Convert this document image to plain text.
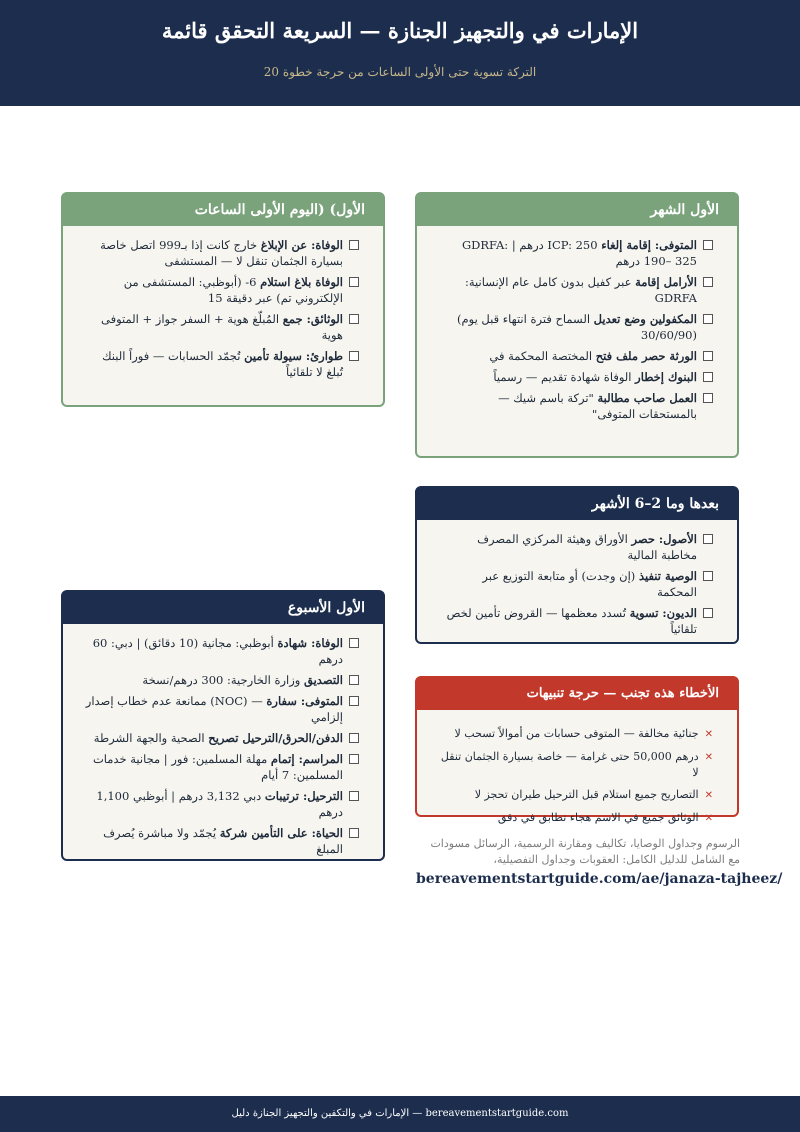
الإمارات في والتجهيز الجنازة — السريعة التحقق قائمة
التركة تسوية حتى الأولى الساعات من حرجة خطوة 20
الأول) (اليوم الأولى الساعات
الوفاة: عن الإبلاغ خارج كانت إذا بـ999 اتصل خاصة بسيارة الجثمان تنقل لا — المستشفى
الوفاة بلاغ استلام 6- (أبوظبي: المستشفى من الإلكتروني تم) عبر دقيقة 15
الوثائق: جمع المُبلّغ هوية + السفر جواز + المتوفى هوية
طوارئ: سيولة تأمين تُجمّد الحسابات — فوراً البنك تُبلغ لا تلقائياً
الأول الشهر
المتوفى: إقامة إلغاء ICP: 250 درهم | GDRFA: 190– 325 درهم
الأرامل إقامة عبر كفيل بدون كامل عام الإنسانية: GDRFA
المكفولين وضع تعديل السماح فترة انتهاء قبل يوم) (30/60/90
الورثة حصر ملف فتح المختصة المحكمة في
البنوك إخطار الوفاة شهادة تقديم — رسمياً
العمل صاحب مطالبة "تركة باسم شيك — بالمستحقات المتوفى"
بعدها وما 2–6 الأشهر
الأصول: حصر الأوراق وهيئة المركزي المصرف مخاطبة المالية
الوصية تنفيذ (إن وجدت) أو متابعة التوزيع عبر المحكمة
الديون: تسوية تُسدد معظمها — القروض تأمين لخص تلقائياً
الأول الأسبوع
الوفاة: شهادة أبوظبي: مجانية (10 دقائق) | دبي: 60 درهم
التصديق وزارة الخارجية: 300 درهم/نسخة
المتوفى: سفارة — (NOC) ممانعة عدم خطاب إصدار إلزامي
الدفن/الحرق/الترحيل تصريح الصحية والجهة الشرطة
المراسم: إتمام مهلة المسلمين: فور | مجانية خدمات المسلمين: 7 أيام
الترحيل: ترتيبات دبي 3,132 درهم | أبوظبي 1,100 درهم
الحياة: على التأمين شركة يُجمّد ولا مباشرة يُصرف المبلغ
الأخطاء هذه تجنب — حرجة تنبيهات
✕
جنائية مخالفة — المتوفى حسابات من أموالاً تسحب لا
✕
درهم 50,000 حتى غرامة — خاصة بسيارة الجثمان تنقل لا
✕
التصاريح جميع استلام قبل الترحيل طيران تحجز لا
✕
الوثائق جميع في الاسم هجاء تطابق في دقق
الرسوم وجداول الوصايا، تكاليف ومقارنة الرسمية، الرسائل مسودات مع الشامل للدليل الكامل: العقوبات وجداول التفصيلية،
bereavementstartguide.com/ae/janaza-tajheez/
bereavementstartguide.com — الإمارات في والتكفين والتجهيز الجنازة دليل
